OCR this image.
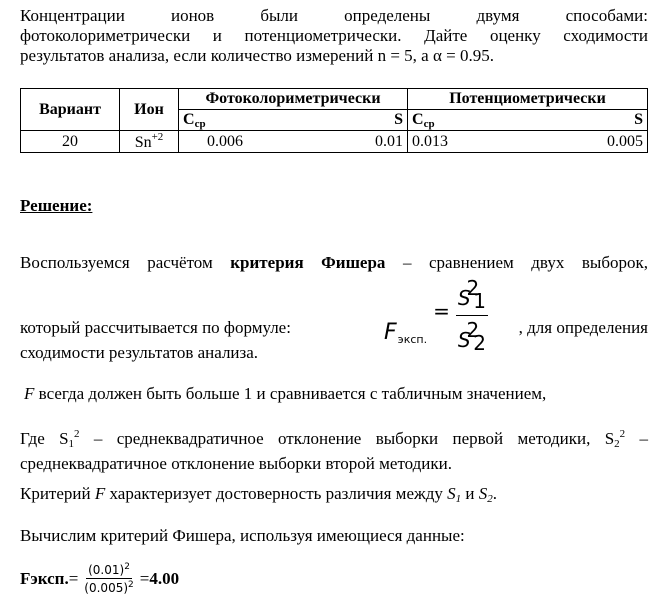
Концентрации ионов были определены двумя способами:

фотоколориметрически и потенциометрически. Дайте оценку сходимости

результатов анализа, если количество измерений n = 5, а α = 0.95.

Вариант	Ион	Фотоколориметрически	Потенциометрически

		$C_{ср}$ S	$C_{ср}$ S

20	$Sn^{+2}$	0.006 0.01	0.013 0.005
Решение:

Воспользуемся расчётом критерия Фишера – сравнением двух выборок,

F эксп.
= $\frac{S21}{S22}$
который рассчитывается по формуле:	, для определения

сходимости результатов анализа.

F всегда должен быть больше 1 и сравнивается с табличным значением,

Где $S1^2$ – среднеквадратичное отклонение выборки первой методики, $S2^2$ –

среднеквадратичное отклонение выборки второй методики.

Критерий F характеризует достоверность различия между S1 и S2.

Вычислим критерий Фишера, используя имеющиеся данные:

Fэксп. = $\frac{(0.01)^2}{(0.005)^2} = 4.00$
